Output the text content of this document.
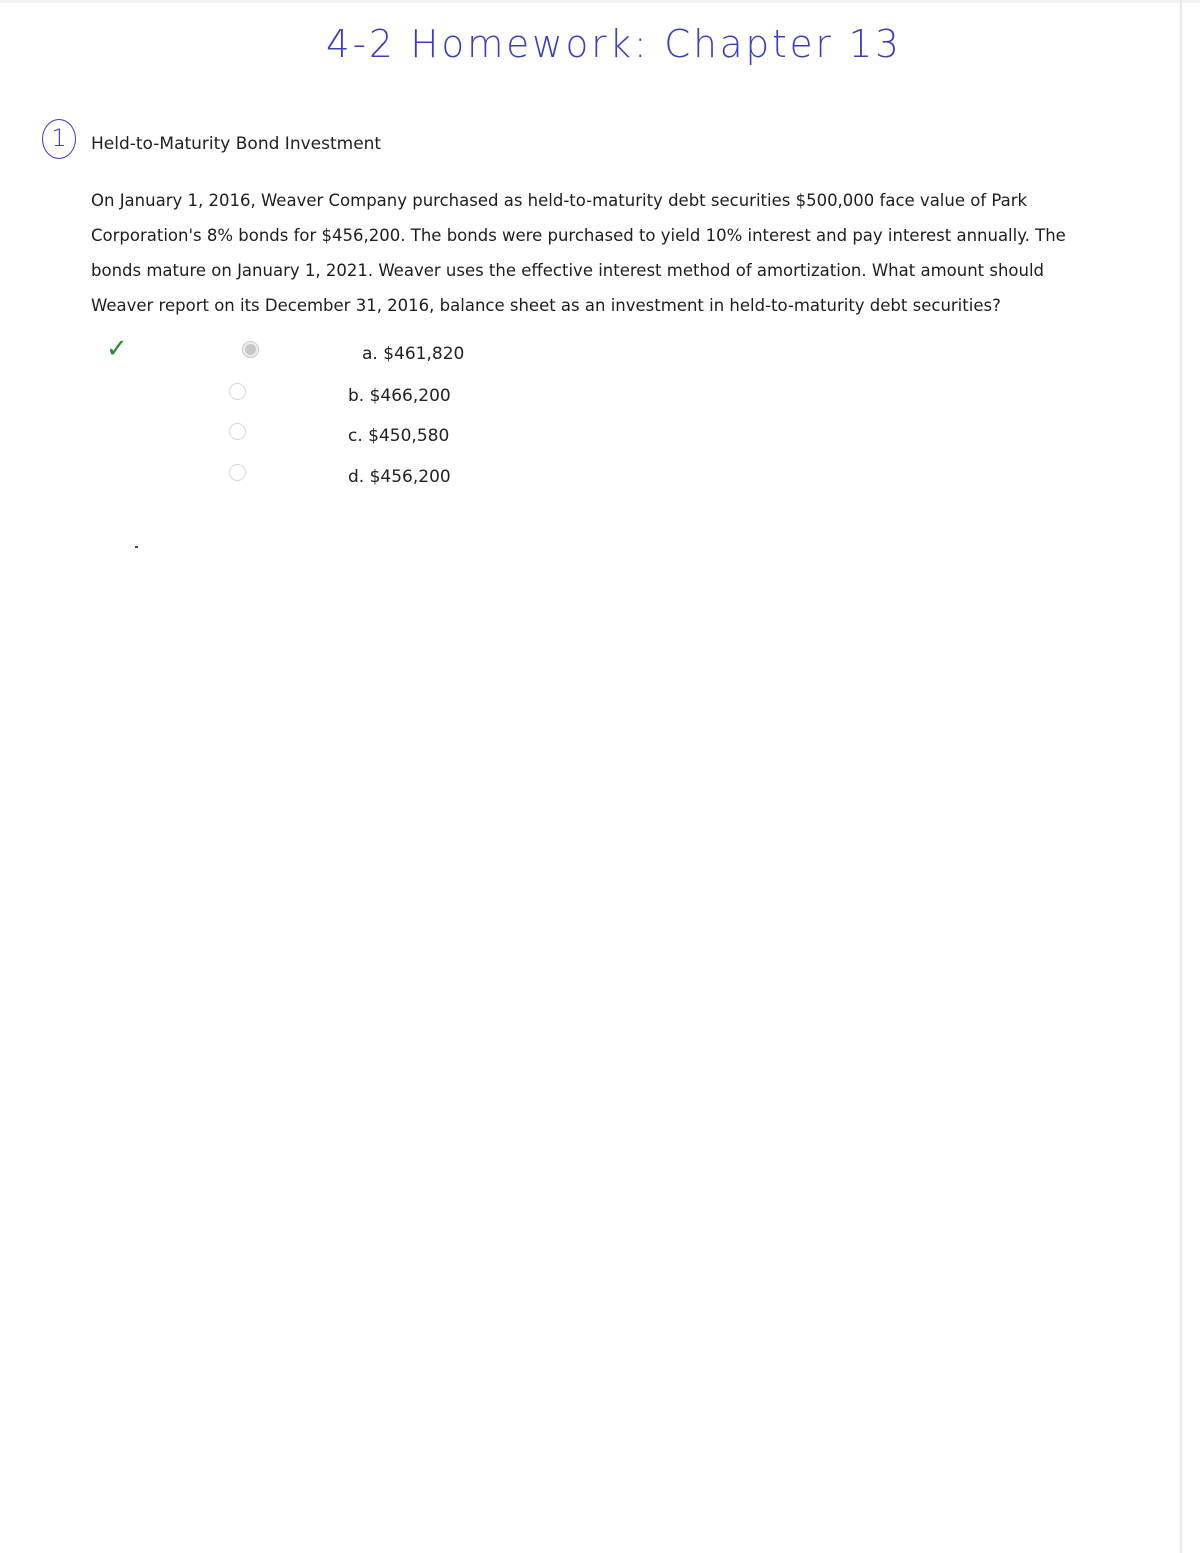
4-2 Homework: Chapter 13
1	Held-to-Maturity Bond Investment
On January 1, 2016, Weaver Company purchased as held-to-maturity debt securities $500,000 face value of Park
Corporation's 8% bonds for $456,200. The bonds were purchased to yield 10% interest and pay interest annually. The
bonds mature on January 1, 2021. Weaver uses the effective interest method of amortization. What amount should
Weaver report on its December 31, 2016, balance sheet as an investment in held-to-maturity debt securities?
✓	a. $461,820
b. $466,200
c. $450,580
d. $456,200
